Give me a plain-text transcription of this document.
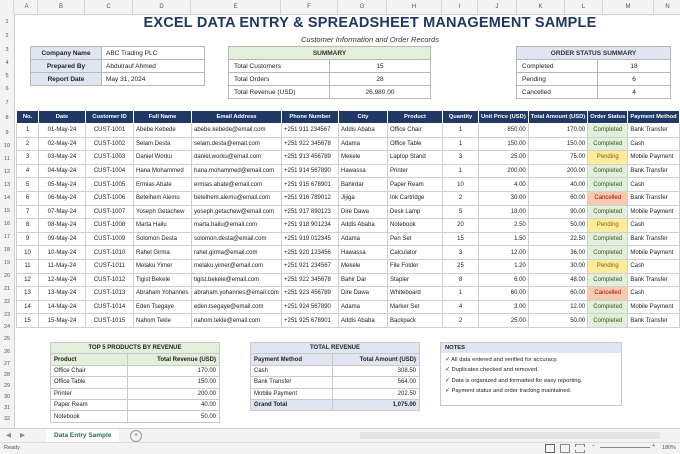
A	B	C	D	E	F	G	H	I	J	K	L	M	N
1
2
3
4
5
6
7
8
9
10
11
12
13
14
15
16
17
18
19
20
21
22
23
24
25
26
27
28
29
30
31
32
EXCEL DATA ENTRY & SPREADSHEET MANAGEMENT SAMPLE
Customer Information and Order Records
Company Name	ABC Trading PLC
Prepared By	Abdulrauf Ahmed
Report Date	May 31, 2024
SUMMARY	
Total Customers	15
Total Orders	28
Total Revenue (USD)	26,980.00
ORDER STATUS SUMMARY	
Completed	18
Pending	6
Cancelled	4
No.	Date	Customer ID	Full Name	Email Address	Phone Number	City	Product	Quantity	Unit Price (USD)	Total Amount (USD)	Order Status	Payment Method
1	01-May-24	CUST-1001	Abebe Kebede	abebe.kebede@email.com	+251 911 234567	Addis Ababa	Office Chair	1	850.00	170.00	Completed	Bank Transfer
2	02-May-24	CUST-1002	Selam Desta	selam.desta@email.com	+251 922 345678	Adama	Office Table	1	150.00	150.00	Completed	Cash
3	03-May-24	CUST-1003	Daniel Worku	daniel.worku@email.com	+251 913 456789	Mekele	Laptop Stand	3	25.00	75.00	Pending	Mobile Payment
4	04-May-24	CUST-1004	Hana Mohammed	hana.mohammed@email.com	+251 914 567890	Hawassa	Printer	1	200.00	200.00	Completed	Bank Transfer
5	05-May-24	CUST-1005	Ermias Abate	ermias.abate@email.com	+251 915 678901	Bahirdar	Paper Ream	10	4.00	40.00	Completed	Cash
6	06-May-24	CUST-1006	Betelhem Alemu	betelhem.alemu@email.com	+251 916 789012	Jijiga	Ink Cartridge	2	30.00	60.00	Cancelled	Bank Transfer
7	07-May-24	CUST-1007	Yoseph Getachew	yoseph.getachew@email.com	+251 917 890123	Dire Dawa	Desk Lamp	5	18.00	90.00	Completed	Mobile Payment
8	08-May-24	CUST-1008	Marta Hailu	marta.hailu@email.com	+251 918 901234	Addis Ababa	Notebook	20	2.50	50.00	Pending	Cash
9	09-May-24	CUST-1009	Solomon Desta	solomon.desta@email.com	+251 919 012345	Adama	Pen Set	15	1.50	22.50	Completed	Bank Transfer
10	10-May-24	CUST-1010	Rahel Girma	rahel.girma@email.com	+251 920 123456	Hawassa	Calculator	3	12.00	36.00	Completed	Mobile Payment
11	11-May-24	CUST-1011	Melaku Yimer	melaku.yimer@email.com	+251 921 234567	Mekele	File Folder	25	1.20	30.00	Pending	Cash
12	12-May-24	CUST-1012	Tigist Bekele	tigist.bekele@email.com	+251 922 345678	Bahir Dar	Stapler	8	6.00	48.00	Completed	Bank Transfer
13	13-May-24	CUST-1013	Abraham Yohannes	abraham.yohannes@email.com	+251 923 456789	Dire Dawa	Whiteboard	1	60.00	60.00	Cancelled	Cash
14	14-May-24	CUST-1014	Eden Tsegaye	eden.tsegaye@email.com	+251 924 567890	Adama	Marker Set	4	3.00	12.00	Completed	Mobile Payment
15	15-May-24	CUST-1015	Nahom Tekle	nahom.tekle@email.com	+251 925 678901	Addis Ababa	Backpack	2	25.00	50.00	Completed	Bank Transfer
TOP 5 PRODUCTS BY REVENUE	
Product	Total Revenue (USD)
Office Chair	170.00
Office Table	150.00
Printer	200.00
Paper Ream	40.00
Notebook	50.00
TOTAL REVENUE	
Payment Method	Total Amount (USD)
Cash	308.50
Bank Transfer	564.00
Mobile Payment	202.50
Grand Total	1,075.00
NOTES
✓ All data entered and verified for accuracy.
✓ Duplicates checked and removed.
✓ Data is organized and formatted for easy reporting.
✓ Payment status and order tracking maintained.
◀ ▶	Data Entry Sample	+
Ready	−	+ 180%
